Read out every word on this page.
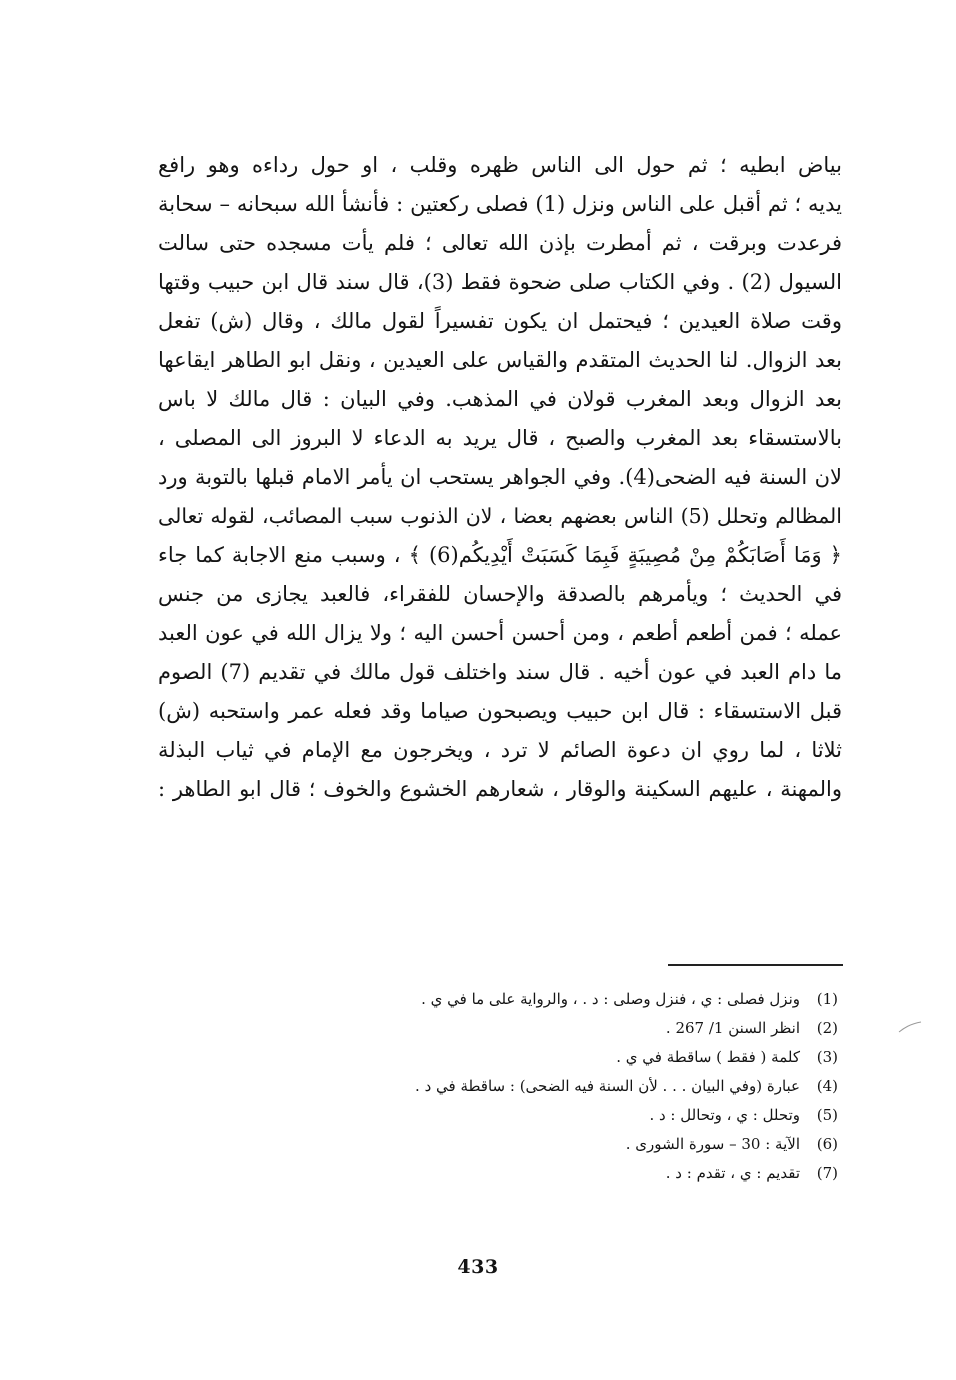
بياض ابطيه ؛ ثم حول الى الناس ظهره وقلب ، او حول رداءه وهو رافع
يديه ؛ ثم أقبل على الناس ونزل (1) فصلى ركعتين : فأنشأ الله سبحانه – سحابة
فرعدت وبرقت ، ثم أمطرت بإذن الله تعالى ؛ فلم يأت مسجده حتى سالت
السيول (2) . وفي الكتاب صلى ضحوة فقط (3)، قال سند قال ابن حبيب وقتها
وقت صلاة العيدين ؛ فيحتمل ان يكون تفسيراً لقول مالك ، وقال (ش) تفعل
بعد الزوال. لنا الحديث المتقدم والقياس على العيدين ، ونقل ابو الطاهر ايقاعها
بعد الزوال وبعد المغرب قولان في المذهب. وفي البيان : قال مالك لا باس
بالاستسقاء بعد المغرب والصبح ، قال يريد به الدعاء لا البروز الى المصلى ،
لان السنة فيه الضحى(4). وفي الجواهر يستحب ان يأمر الامام قبلها بالتوبة ورد
المظالم وتحلل (5) الناس بعضهم بعضا ، لان الذنوب سبب المصائب، لقوله تعالى
﴿ وَمَا أَصَابَكُمْ مِنْ مُصِيبَةٍ فَبِمَا كَسَبَتْ أَيْدِيكُم(6) ﴾ ، وسبب منع الاجابة كما جاء
في الحديث ؛ ويأمرهم بالصدقة والإحسان للفقراء، فالعبد يجازى من جنس
عمله ؛ فمن أطعم أطعم ، ومن أحسن أحسن اليه ؛ ولا يزال الله في عون العبد
ما دام العبد في عون أخيه . قال سند واختلف قول مالك في تقديم (7) الصوم
قبل الاستسقاء : قال ابن حبيب ويصبحون صياما وقد فعله عمر واستحبه (ش)
ثلاثا ، لما روي ان دعوة الصائم لا ترد ، ويخرجون مع الإمام في ثياب البذلة
والمهنة ، عليهم السكينة والوقار ، شعارهم الخشوع والخوف ؛ قال ابو الطاهر :
(1)ونزل فصلى : ي ، فنزل وصلى : د . ، والرواية على ما في ي .
(2)انظر السنن 1/ 267 .
(3)كلمة ( فقط ) ساقطة في ي .
(4)عبارة (وفي البيان . . . لأن السنة فيه الضحى) : ساقطة في د .
(5)وتحلل : ي ، وتحالل : د .
(6)الآية : 30 – سورة الشورى .
(7)تقديم : ي ، تقدم : د .
433
